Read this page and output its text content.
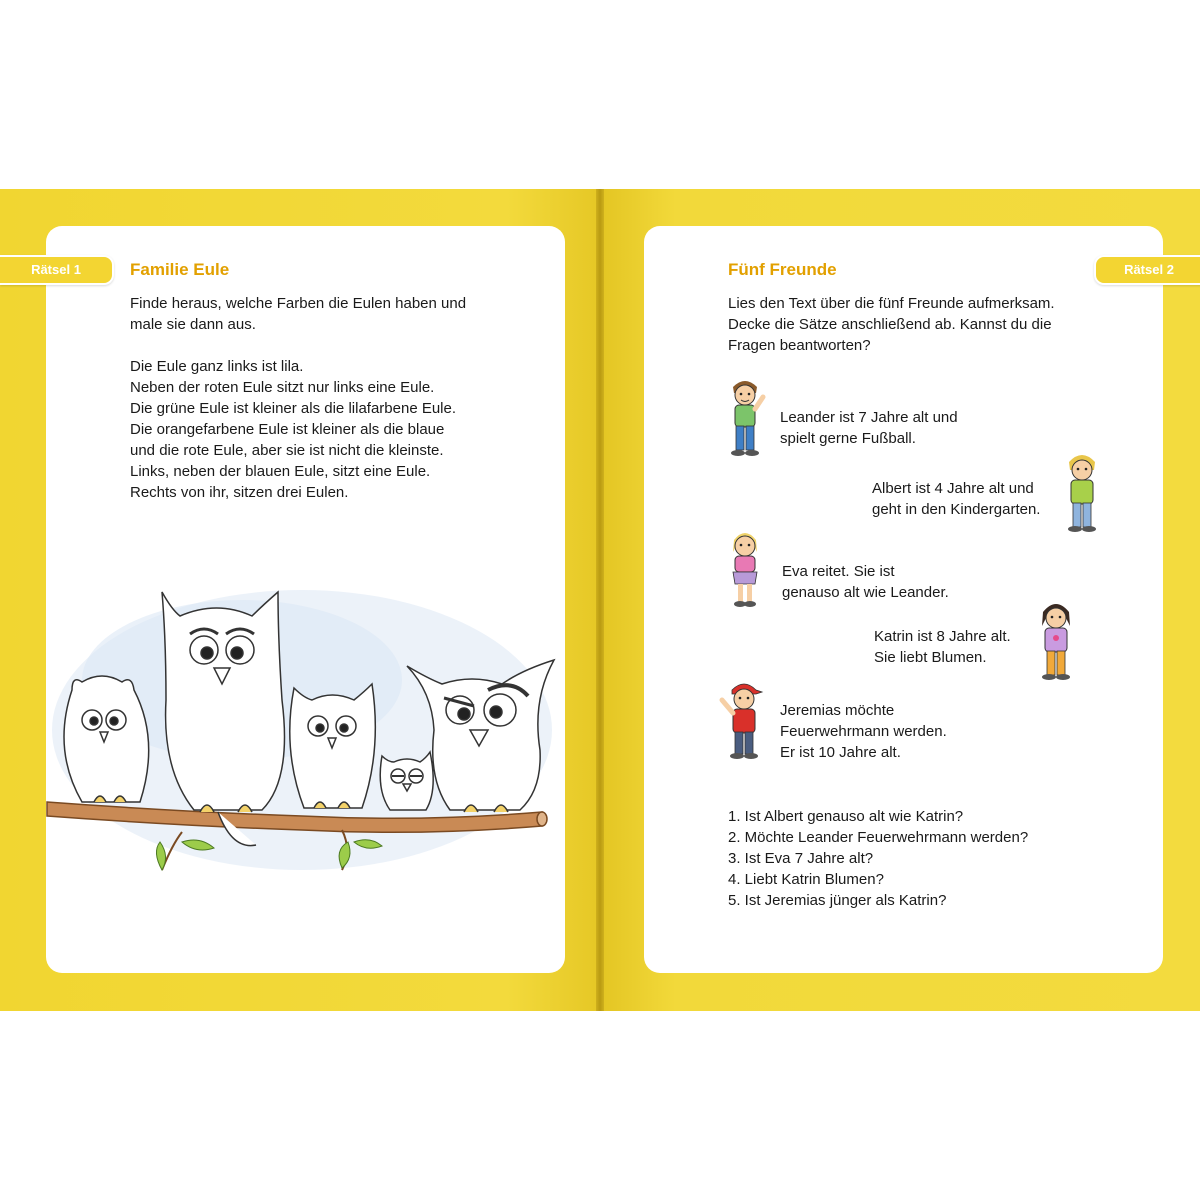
Familie Eule

Finde heraus, welche Farben die Eulen haben und

male sie dann aus.

Die Eule ganz links ist lila.

Neben der roten Eule sitzt nur links eine Eule.

Die grüne Eule ist kleiner als die lilafarbene Eule.

Die orangefarbene Eule ist kleiner als die blaue

und die rote Eule, aber sie ist nicht die kleinste.

Links, neben der blauen Eule, sitzt eine Eule.

Rechts von ihr, sitzen drei Eulen.

Fünf Freunde

Lies den Text über die fünf Freunde aufmerksam.

Decke die Sätze anschließend ab. Kannst du die

Fragen beantworten?

Leander ist 7 Jahre alt und

spielt gerne Fußball.

Albert ist 4 Jahre alt und

geht in den Kindergarten.

Eva reitet. Sie ist

genauso alt wie Leander.

Katrin ist 8 Jahre alt.

Sie liebt Blumen.

Jeremias möchte

Feuerwehrmann werden.

Er ist 10 Jahre alt.

1. Ist Albert genauso alt wie Katrin?
2. Möchte Leander Feuerwehrmann werden?
3. Ist Eva 7 Jahre alt?
4. Liebt Katrin Blumen?
5. Ist Jeremias jünger als Katrin?
Rätsel 1	Rätsel 2
